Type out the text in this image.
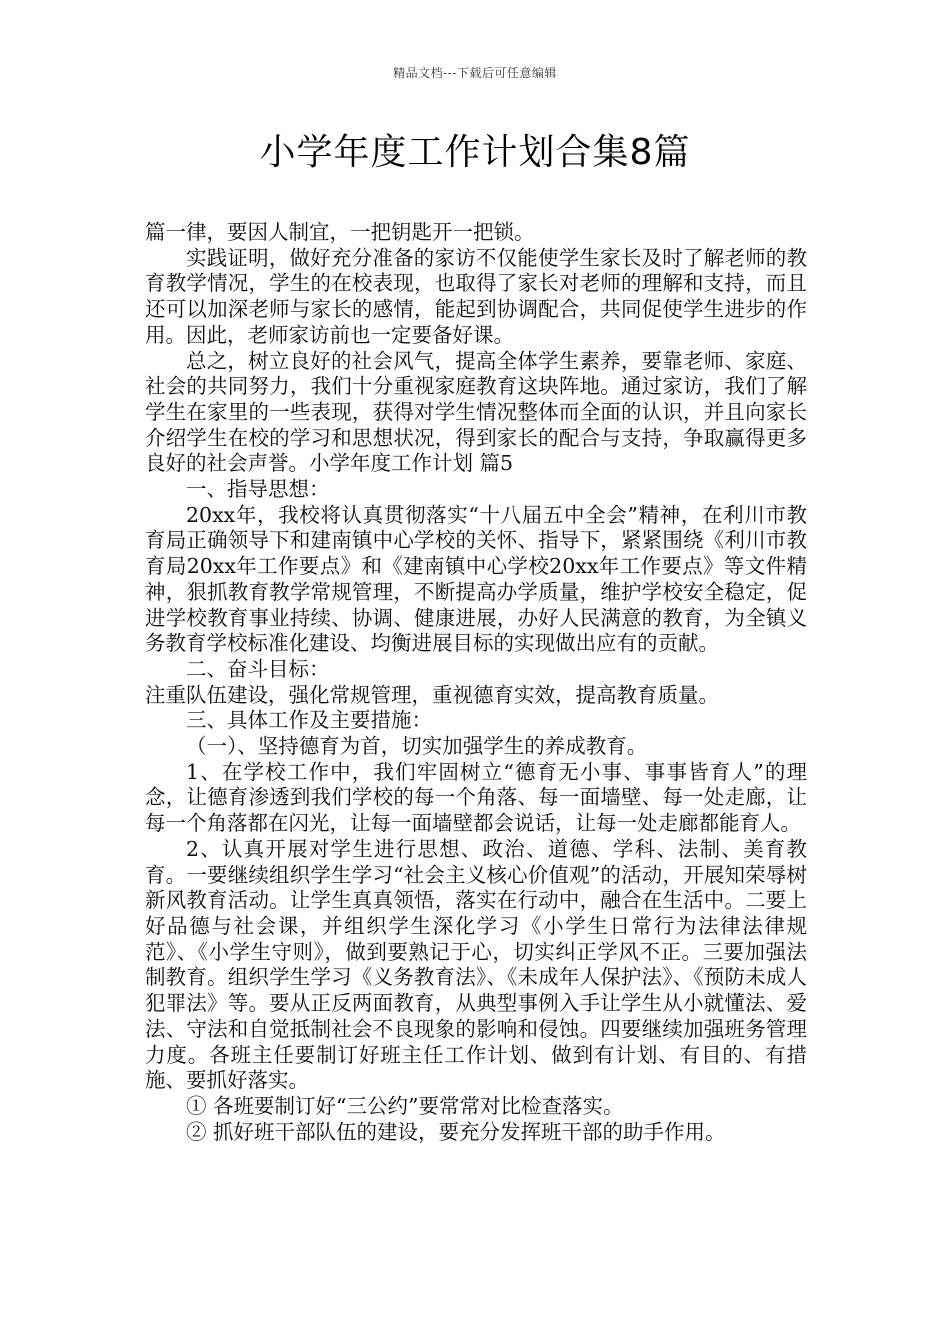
精品文档---下载后可任意编辑
小学年度工作计划合集8篇

篇一律，要因人制宜，一把钥匙开一把锁。

实践证明，做好充分准备的家访不仅能使学生家长及时了解老师的教育教学情况，学生的在校表现，也取得了家长对老师的理解和支持，而且还可以加深老师与家长的感情，能起到协调配合，共同促使学生进步的作用。因此，老师家访前也一定要备好课。

总之，树立良好的社会风气，提高全体学生素养，要靠老师、家庭、社会的共同努力，我们十分重视家庭教育这块阵地。通过家访，我们了解学生在家里的一些表现，获得对学生情况整体而全面的认识，并且向家长介绍学生在校的学习和思想状况，得到家长的配合与支持，争取赢得更多良好的社会声誉。小学年度工作计划 篇5

一、指导思想：

20xx年，我校将认真贯彻落实“十八届五中全会”精神，在利川市教育局正确领导下和建南镇中心学校的关怀、指导下，紧紧围绕《利川市教育局20xx年工作要点》和《建南镇中心学校20xx年工作要点》等文件精神，狠抓教育教学常规管理，不断提高办学质量，维护学校安全稳定，促进学校教育事业持续、协调、健康进展，办好人民满意的教育，为全镇义务教育学校标准化建设、均衡进展目标的实现做出应有的贡献。

二、奋斗目标：

注重队伍建设，强化常规管理，重视德育实效，提高教育质量。

三、具体工作及主要措施：

（一）、坚持德育为首，切实加强学生的养成教育。

1、在学校工作中，我们牢固树立“德育无小事、事事皆育人”的理念，让德育渗透到我们学校的每一个角落、每一面墙壁、每一处走廊，让每一个角落都在闪光，让每一面墙壁都会说话，让每一处走廊都能育人。

2、认真开展对学生进行思想、政治、道德、学科、法制、美育教育。一要继续组织学生学习“社会主义核心价值观”的活动，开展知荣辱树新风教育活动。让学生真真领悟，落实在行动中，融合在生活中。二要上好品德与社会课，并组织学生深化学习《小学生日常行为法律法律规范》、《小学生守则》，做到要熟记于心，切实纠正学风不正。三要加强法制教育。组织学生学习《义务教育法》、《未成年人保护法》、《预防未成人犯罪法》等。要从正反两面教育，从典型事例入手让学生从小就懂法、爱法、守法和自觉抵制社会不良现象的影响和侵蚀。四要继续加强班务管理力度。各班主任要制订好班主任工作计划、做到有计划、有目的、有措施、要抓好落实。

① 各班要制订好“三公约”要常常对比检查落实。

② 抓好班干部队伍的建设，要充分发挥班干部的助手作用。
